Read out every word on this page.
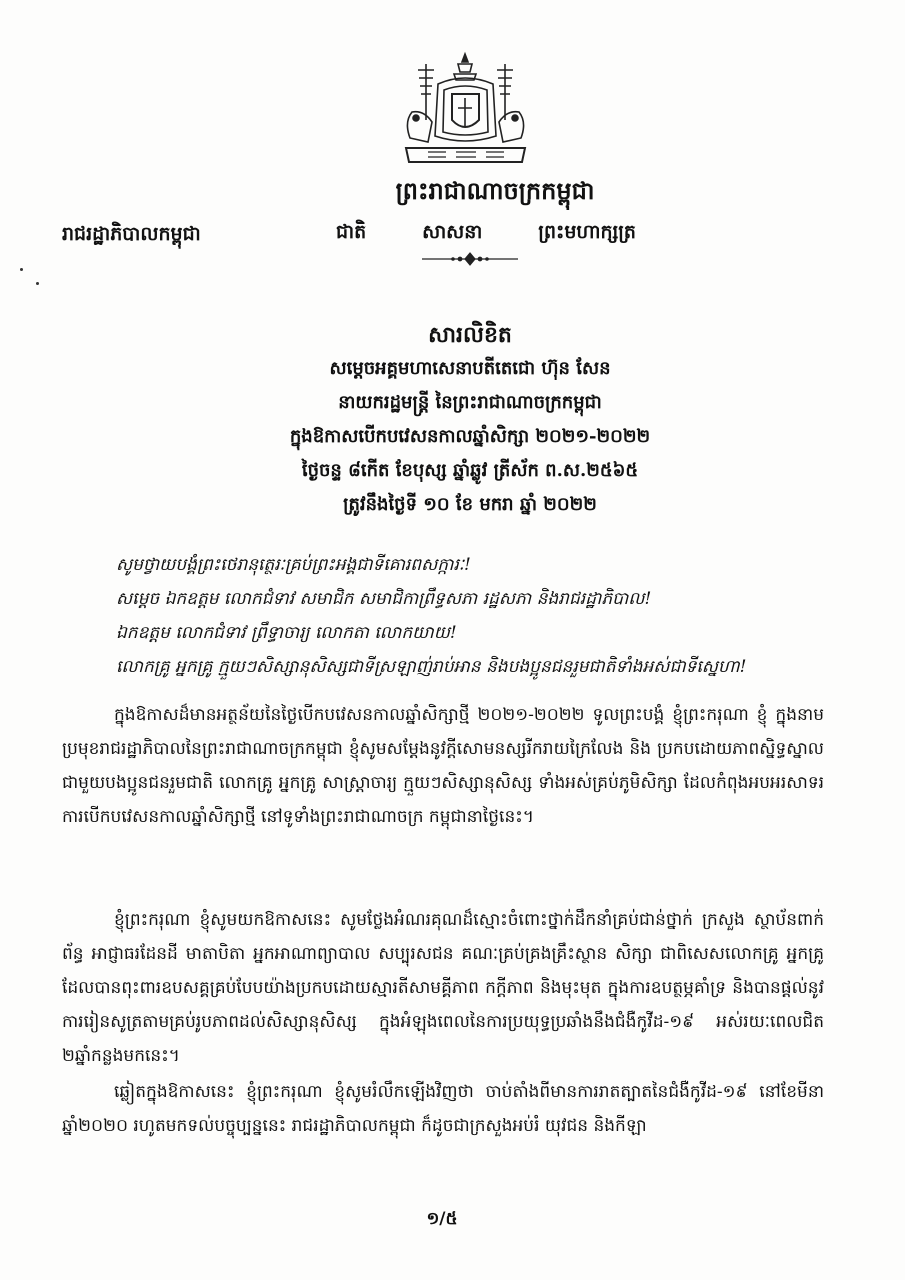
ព្រះរាជាណាចក្រកម្ពុជា
រាជរដ្ឋាភិបាលកម្ពុជា	ជាតិ	សាសនា	ព្រះមហាក្សត្រ
សារលិខិត
សម្តេចអគ្គមហាសេនាបតីតេជោ ហ៊ុន សែន
នាយករដ្ឋមន្ត្រី នៃព្រះរាជាណាចក្រកម្ពុជា
ក្នុងឱកាសបើកបវេសនកាលឆ្នាំសិក្សា ២០២១-២០២២
ថ្ងៃចន្ទ ៨កើត ខែបុស្ស ឆ្នាំឆ្លូវ ត្រីស័ក ព.ស.២៥៦៥
ត្រូវនឹងថ្ងៃទី ១០ ខែ មករា ឆ្នាំ ២០២២
សូមថ្វាយបង្គំព្រះថេរានុត្ថេរៈគ្រប់ព្រះអង្គជាទីគោរពសក្ការៈ!
សម្តេច ឯកឧត្តម លោកជំទាវ សមាជិក សមាជិកាព្រឹទ្ធសភា រដ្ឋសភា និងរាជរដ្ឋាភិបាល!
ឯកឧត្តម លោកជំទាវ ព្រឹទ្ធាចារ្យ លោកតា លោកយាយ!
លោកគ្រូ អ្នកគ្រូ ក្មួយៗសិស្សានុសិស្សជាទីស្រឡាញ់រាប់អាន និងបងប្អូនជនរួមជាតិទាំងអស់ជាទីស្នេហា!

ក្នុងឱកាសដ៏មានអត្ថន័យនៃថ្ងៃបើកបវេសនកាលឆ្នាំសិក្សាថ្មី ២០២១-២០២២ ទូលព្រះបង្គំ ខ្ញុំព្រះករុណា ខ្ញុំ ក្នុងនាមប្រមុខរាជរដ្ឋាភិបាលនៃព្រះរាជាណាចក្រកម្ពុជា ខ្ញុំសូមសម្តែងនូវក្តីសោមនស្សរីករាយក្រៃលែង និង ប្រកបដោយភាពស្និទ្ធស្នាលជាមួយបងប្អូនជនរួមជាតិ លោកគ្រូ អ្នកគ្រូ សាស្ត្រាចារ្យ ក្មួយៗសិស្សានុសិស្ស ទាំងអស់គ្រប់ភូមិសិក្សា ដែលកំពុងអបអរសាទរការបើកបវេសនកាលឆ្នាំសិក្សាថ្មី នៅទូទាំងព្រះរាជាណាចក្រ កម្ពុជានាថ្ងៃនេះ។

ខ្ញុំព្រះករុណា ខ្ញុំសូមយកឱកាសនេះ សូមថ្លែងអំណរគុណដ៏ស្មោះចំពោះថ្នាក់ដឹកនាំគ្រប់ជាន់ថ្នាក់ ក្រសួង ស្ថាប័នពាក់ព័ន្ធ អាជ្ញាធរដែនដី មាតាបិតា អ្នកអាណាព្យាបាល សប្បុរសជន គណៈគ្រប់គ្រងគ្រឹះស្ថាន សិក្សា ជាពិសេសលោកគ្រូ អ្នកគ្រូ ដែលបានពុះពារឧបសគ្គគ្រប់បែបយ៉ាងប្រកបដោយស្មារតីសាមគ្គីភាព កក្តីភាព និងមុះមុត ក្នុងការឧបត្ថម្ភគាំទ្រ និងបានផ្តល់នូវការរៀនសូត្រតាមគ្រប់រូបភាពដល់សិស្សានុសិស្ស ក្នុងអំឡុងពេលនៃការប្រយុទ្ធប្រឆាំងនឹងជំងឺកូវីដ-១៩ អស់រយៈពេលជិត ២ឆ្នាំកន្លងមកនេះ។

ឆ្លៀតក្នុងឱកាសនេះ ខ្ញុំព្រះករុណា ខ្ញុំសូមរំលឹកឡើងវិញថា ចាប់តាំងពីមានការរាតត្បាតនៃជំងឺកូវីដ-១៩ នៅខែមីនា ឆ្នាំ២០២០ រហូតមកទល់បច្ចុប្បន្ននេះ រាជរដ្ឋាភិបាលកម្ពុជា ក៏ដូចជាក្រសួងអប់រំ យុវជន និងកីឡា

១/៥
